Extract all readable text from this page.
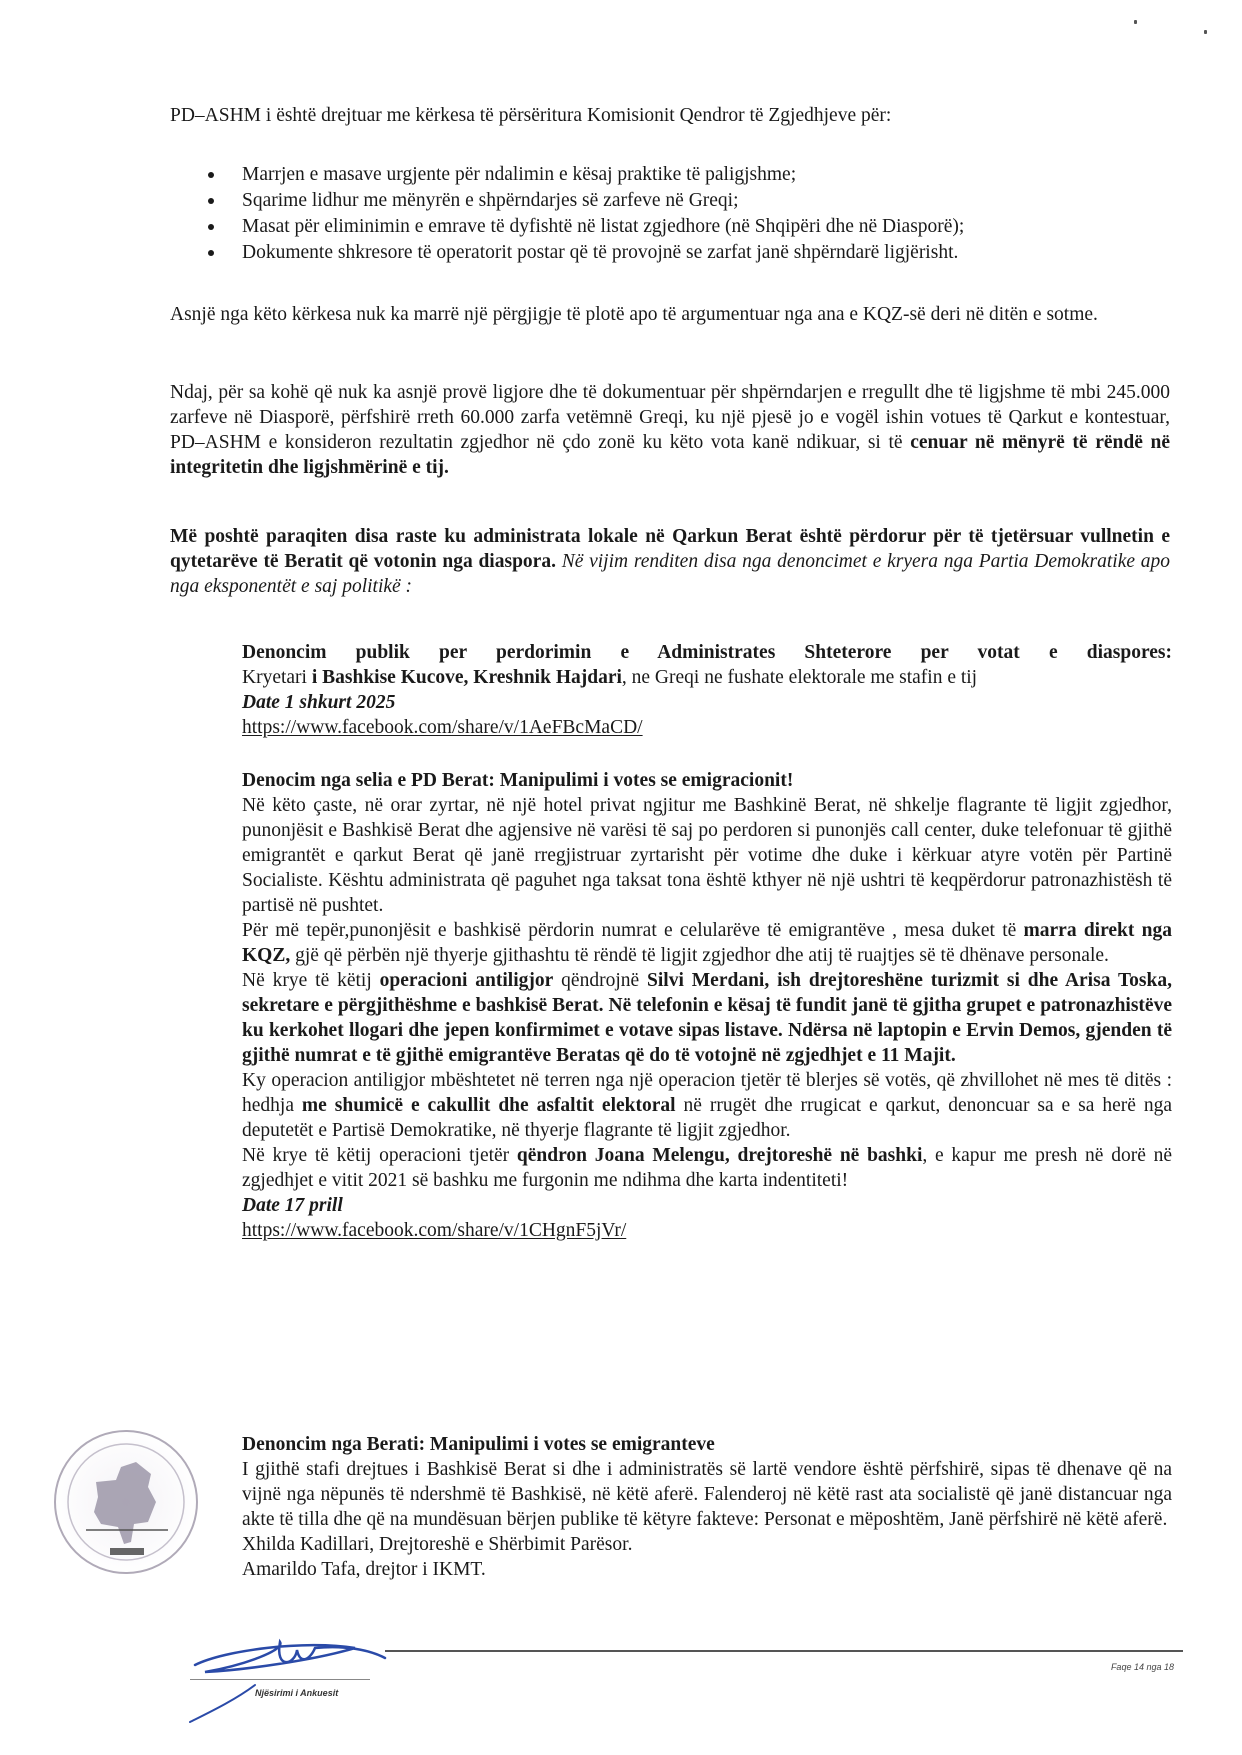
PD–ASHM i është drejtuar me kërkesa të përsëritura Komisionit Qendror të Zgjedhjeve për:

Marrjen e masave urgjente për ndalimin e kësaj praktike të paligjshme;
Sqarime lidhur me mënyrën e shpërndarjes së zarfeve në Greqi;
Masat për eliminimin e emrave të dyfishtë në listat zgjedhore (në Shqipëri dhe në Diasporë);
Dokumente shkresore të operatorit postar që të provojnë se zarfat janë shpërndarë ligjërisht.

Asnjë nga këto kërkesa nuk ka marrë një përgjigje të plotë apo të argumentuar nga ana e KQZ-së deri në ditën e sotme.

Ndaj, për sa kohë që nuk ka asnjë provë ligjore dhe të dokumentuar për shpërndarjen e rregullt dhe të ligjshme të mbi 245.000 zarfeve në Diasporë, përfshirë rreth 60.000 zarfa vetëmnë Greqi, ku një pjesë jo e vogël ishin votues të Qarkut e kontestuar, PD–ASHM e konsideron rezultatin zgjedhor në çdo zonë ku këto vota kanë ndikuar, si të cenuar në mënyrë të rëndë në integritetin dhe ligjshmërinë e tij.

Më poshtë paraqiten disa raste ku administrata lokale në Qarkun Berat është përdorur për të tjetërsuar vullnetin e qytetarëve të Beratit që votonin nga diaspora. Në vijim renditen disa nga denoncimet e kryera nga Partia Demokratike apo nga eksponentët e saj politikë :

Denoncim publik per perdorimin e Administrates Shteterore per votat e diaspores:

Kryetari i Bashkise Kucove, Kreshnik Hajdari, ne Greqi ne fushate elektorale me stafin e tij

Date 1 shkurt 2025

https://www.facebook.com/share/v/1AeFBcMaCD/

Denocim nga selia e PD Berat: Manipulimi i votes se emigracionit!

Në këto çaste, në orar zyrtar, në një hotel privat ngjitur me Bashkinë Berat, në shkelje flagrante të ligjit zgjedhor, punonjësit e Bashkisë Berat dhe agjensive në varësi të saj po perdoren si punonjës call center, duke telefonuar të gjithë emigrantët e qarkut Berat që janë rregjistruar zyrtarisht për votime dhe duke i kërkuar atyre votën për Partinë Socialiste. Kështu administrata që paguhet nga taksat tona është kthyer në një ushtri të keqpërdorur patronazhistësh të partisë në pushtet.

Për më tepër,punonjësit e bashkisë përdorin numrat e celularëve të emigrantëve , mesa duket të marra direkt nga KQZ, gjë që përbën një thyerje gjithashtu të rëndë të ligjit zgjedhor dhe atij të ruajtjes së të dhënave personale.

Në krye të këtij operacioni antiligjor qëndrojnë Silvi Merdani, ish drejtoreshëne turizmit si dhe Arisa Toska, sekretare e përgjithëshme e bashkisë Berat. Në telefonin e kësaj të fundit janë të gjitha grupet e patronazhistëve ku kerkohet llogari dhe jepen konfirmimet e votave sipas listave. Ndërsa në laptopin e Ervin Demos, gjenden të gjithë numrat e të gjithë emigrantëve Beratas që do të votojnë në zgjedhjet e 11 Majit.

Ky operacion antiligjor mbështetet në terren nga një operacion tjetër të blerjes së votës, që zhvillohet në mes të ditës : hedhja me shumicë e cakullit dhe asfaltit elektoral në rrugët dhe rrugicat e qarkut, denoncuar sa e sa herë nga deputetët e Partisë Demokratike, në thyerje flagrante të ligjit zgjedhor.

Në krye të këtij operacioni tjetër qëndron Joana Melengu, drejtoreshë në bashki, e kapur me presh në dorë në zgjedhjet e vitit 2021 së bashku me furgonin me ndihma dhe karta indentiteti!

Date 17 prill

https://www.facebook.com/share/v/1CHgnF5jVr/

Denoncim nga Berati: Manipulimi i votes se emigranteve

I gjithë stafi drejtues i Bashkisë Berat si dhe i administratës së lartë vendore është përfshirë, sipas të dhenave që na vijnë nga nëpunës të ndershmë të Bashkisë, në këtë aferë. Falenderoj në këtë rast ata socialistë që janë distancuar nga akte të tilla dhe që na mundësuan bërjen publike të këtyre fakteve: Personat e mëposhtëm, Janë përfshirë në këtë aferë.

Xhilda Kadillari, Drejtoreshë e Shërbimit Parësor.

Amarildo Tafa, drejtor i IKMT.

Njësirimi i Ankuesit
Faqe 14 nga 18
